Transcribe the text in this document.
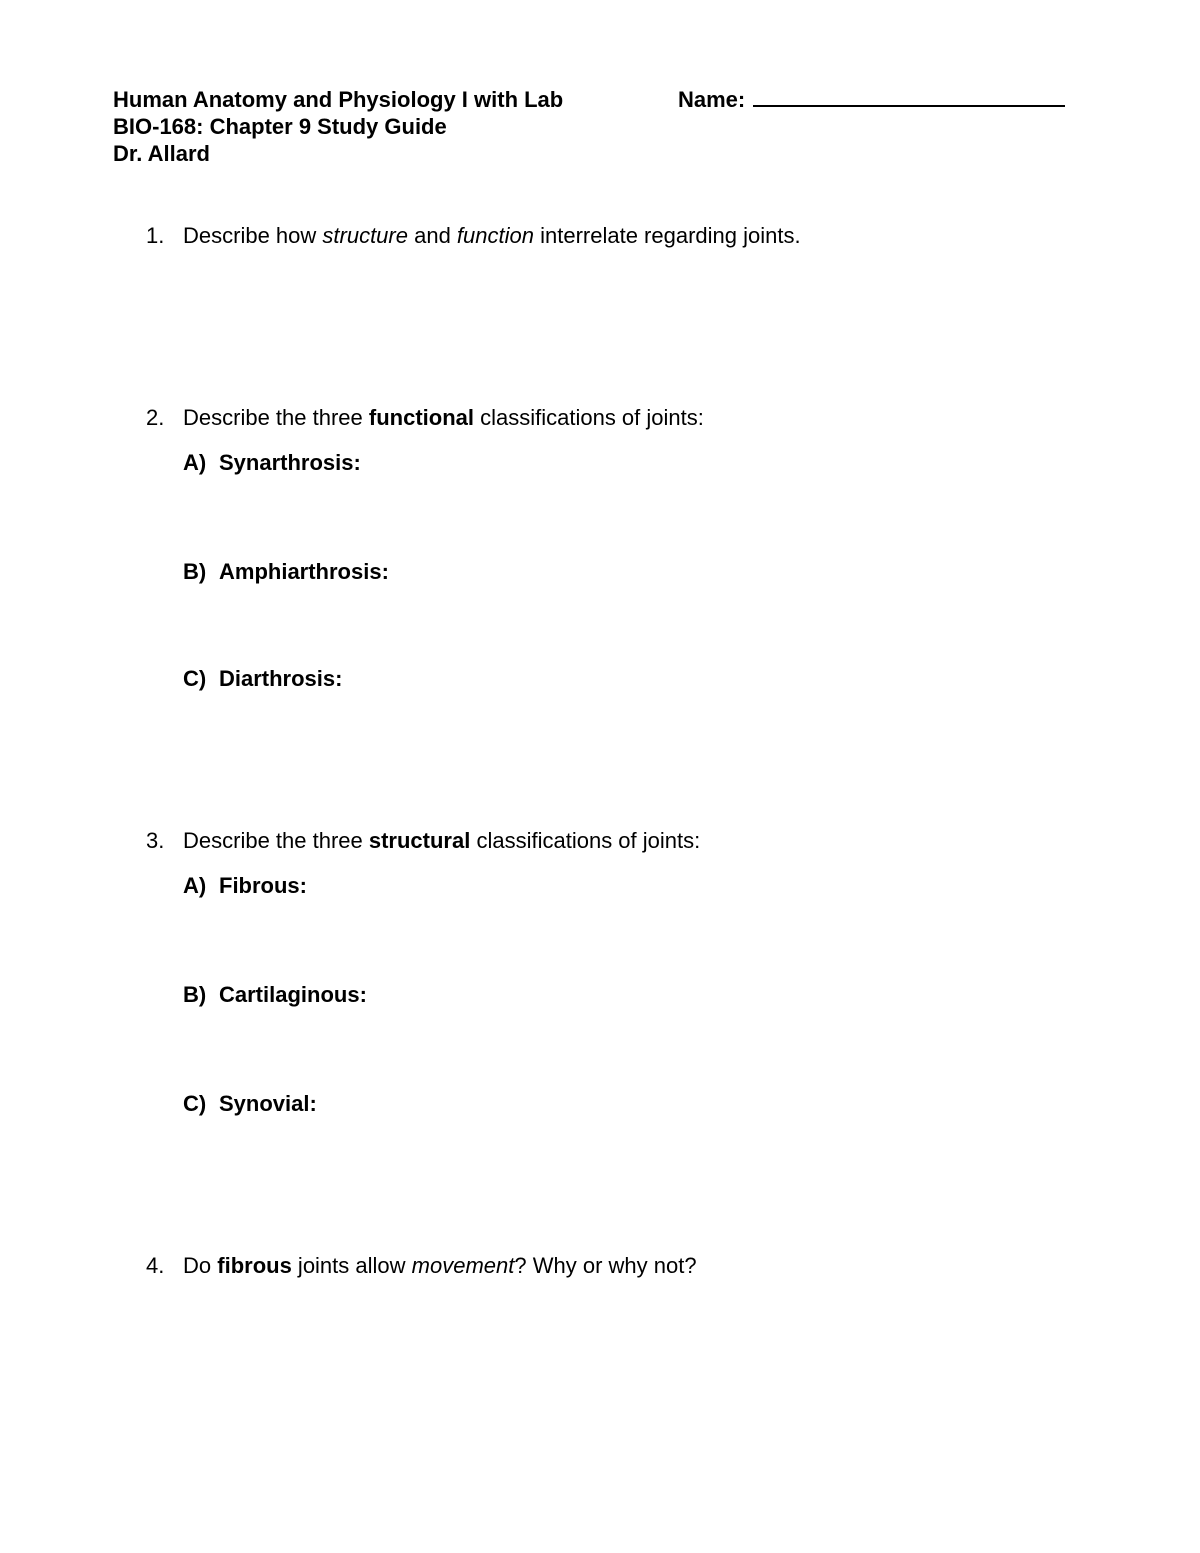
Human Anatomy and Physiology I with Lab
BIO-168: Chapter 9 Study Guide
Dr. Allard
Name:
1. Describe how structure and function interrelate regarding joints.
2. Describe the three functional classifications of joints:
A) Synarthrosis:
B) Amphiarthrosis:
C) Diarthrosis:
3. Describe the three structural classifications of joints:
A) Fibrous:
B) Cartilaginous:
C) Synovial:
4. Do fibrous joints allow movement? Why or why not?
